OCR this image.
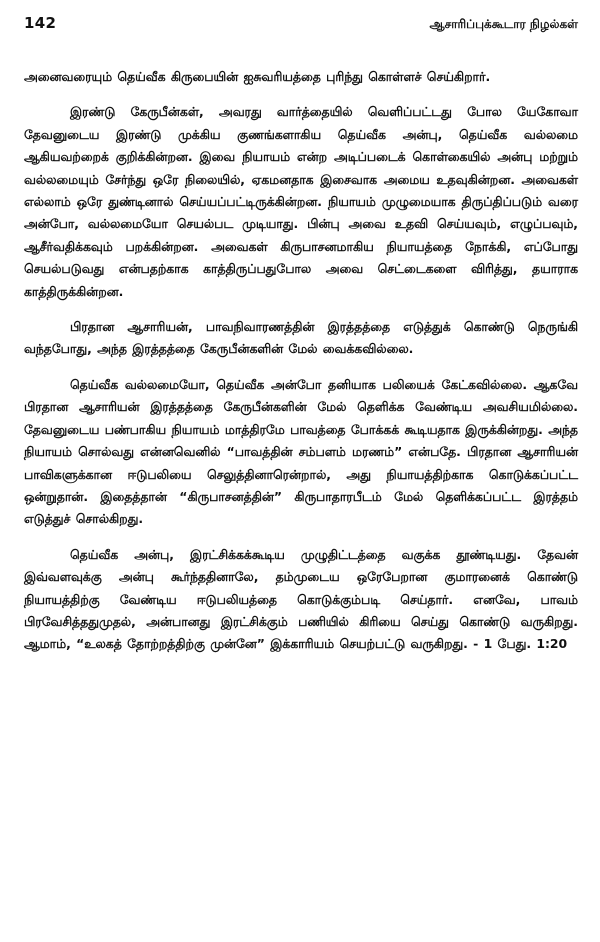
142	ஆசாரிப்புக்கூடார நிழல்கள்

அனைவரையும் தெய்வீக கிருபையின் ஐசுவரியத்தை புரிந்து கொள்ளச் செய்கிறார்.

இரண்டு கேருபீன்கள், அவரது வார்த்தையில் வெளிப்பட்டது போல யேகோவா தேவனுடைய இரண்டு முக்கிய குணங்களாகிய தெய்வீக அன்பு, தெய்வீக வல்லமை ஆகியவற்றைக் குறிக்கின்றன. இவை நியாயம் என்ற அடிப்படைக் கொள்கையில் அன்பு மற்றும் வல்லமையும் சேர்ந்து ஒரே நிலையில், ஏகமனதாக இசைவாக அமைய உதவுகின்றன. அவைகள் எல்லாம் ஒரே துண்டினால் செய்யப்பட்டிருக்கின்றன. நியாயம் முழுமையாக திருப்திப்படும் வரை அன்போ, வல்லமையோ செயல்பட முடியாது. பின்பு அவை உதவி செய்யவும், எழுப்பவும், ஆசீர்வதிக்கவும் பறக்கின்றன. அவைகள் கிருபாசனமாகிய நியாயத்தை நோக்கி, எப்போது செயல்படுவது என்பதற்காக காத்திருப்பதுபோல அவை செட்டைகளை விரித்து, தயாராக காத்திருக்கின்றன.

பிரதான ஆசாரியன், பாவநிவாரணத்தின் இரத்தத்தை எடுத்துக் கொண்டு நெருங்கி வந்தபோது, அந்த இரத்தத்தை கேருபீன்களின் மேல் வைக்கவில்லை.

தெய்வீக வல்லமையோ, தெய்வீக அன்போ தனியாக பலியைக் கேட்கவில்லை. ஆகவே பிரதான ஆசாரியன் இரத்தத்தை கேருபீன்களின் மேல் தெளிக்க வேண்டிய அவசியமில்லை. தேவனுடைய பண்பாகிய நியாயம் மாத்திரமே பாவத்தை போக்கக் கூடியதாக இருக்கின்றது. அந்த நியாயம் சொல்வது என்னவெனில் “பாவத்தின் சம்பளம் மரணம்” என்பதே. பிரதான ஆசாரியன் பாவிகளுக்கான ஈடுபலியை செலுத்தினாரென்றால், அது நியாயத்திற்காக கொடுக்கப்பட்ட ஒன்றுதான். இதைத்தான் “கிருபாசனத்தின்” கிருபாதாரபீடம் மேல் தெளிக்கப்பட்ட இரத்தம் எடுத்துச் சொல்கிறது.

தெய்வீக அன்பு, இரட்சிக்கக்கூடிய முழுதிட்டத்தை வகுக்க தூண்டியது. தேவன் இவ்வளவுக்கு அன்பு கூர்ந்ததினாலே, தம்முடைய ஒரேபேறான குமாரனைக் கொண்டு நியாயத்திற்கு வேண்டிய ஈடுபலியத்தை கொடுக்கும்படி செய்தார். எனவே, பாவம் பிரவேசித்ததுமுதல், அன்பானது இரட்சிக்கும் பணியில் கிரியை செய்து கொண்டு வருகிறது. ஆமாம், “உலகத் தோற்றத்திற்கு முன்னே” இக்காரியம் செயற்பட்டு வருகிறது. - 1 பேது. 1:20
